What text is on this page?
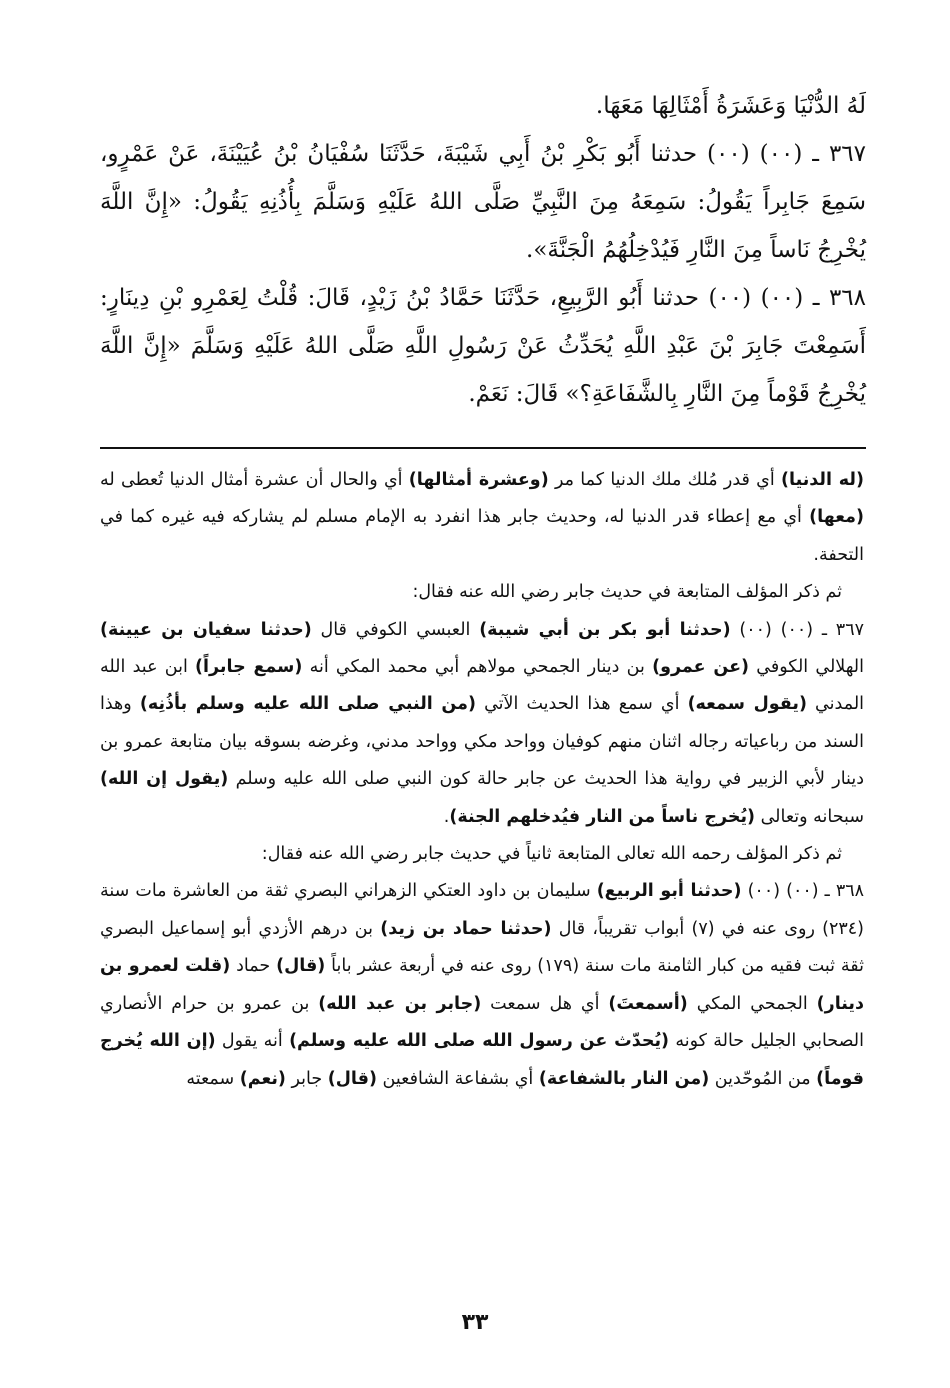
لَهُ الدُّنْيَا وَعَشَرَةُ أَمْثَالِهَا مَعَهَا.

٣٦٧ ـ (٠٠) (٠٠) حدثنا أَبُو بَكْرِ بْنُ أَبِي شَيْبَةَ، حَدَّثَنَا سُفْيَانُ بْنُ عُيَيْنَةَ، عَنْ عَمْرٍو، سَمِعَ جَابِراً يَقُولُ: سَمِعَهُ مِنَ النَّبِيِّ صَلَّى اللهُ عَلَيْهِ وَسَلَّمَ بِأُذُنِهِ يَقُولُ: «إِنَّ اللَّهَ يُخْرِجُ نَاساً مِنَ النَّارِ فَيُدْخِلُهُمُ الْجَنَّةَ».

٣٦٨ ـ (٠٠) (٠٠) حدثنا أَبُو الرَّبِيعِ، حَدَّثَنَا حَمَّادُ بْنُ زَيْدٍ، قَالَ: قُلْتُ لِعَمْرِو بْنِ دِينَارٍ: أَسَمِعْتَ جَابِرَ بْنَ عَبْدِ اللَّهِ يُحَدِّثُ عَنْ رَسُولِ اللَّهِ صَلَّى اللهُ عَلَيْهِ وَسَلَّمَ «إِنَّ اللَّهَ يُخْرِجُ قَوْماً مِنَ النَّارِ بِالشَّفَاعَةِ؟» قَالَ: نَعَمْ.

(له الدنيا) أي قدر مُلك ملك الدنيا كما مر (وعشرة أمثالها) أي والحال أن عشرة أمثال الدنيا تُعطى له (معها) أي مع إعطاء قدر الدنيا له، وحديث جابر هذا انفرد به الإمام مسلم لم يشاركه فيه غيره كما في التحفة.

ثم ذكر المؤلف المتابعة في حديث جابر رضي الله عنه فقال:

٣٦٧ ـ (٠٠) (٠٠) (حدثنا أبو بكر بن أبي شيبة) العبسي الكوفي قال (حدثنا سفيان بن عيينة) الهلالي الكوفي (عن عمرو) بن دينار الجمحي مولاهم أبي محمد المكي أنه (سمع جابراً) ابن عبد الله المدني (يقول سمعه) أي سمع هذا الحديث الآتي (من النبي صلى الله عليه وسلم بأذُنِه) وهذا السند من رباعياته رجاله اثنان منهم كوفيان وواحد مكي وواحد مدني، وغرضه بسوقه بيان متابعة عمرو بن دينار لأبي الزبير في رواية هذا الحديث عن جابر حالة كون النبي صلى الله عليه وسلم (يقول إن الله) سبحانه وتعالى (يُخرج ناساً من النار فيُدخلهم الجنة).

ثم ذكر المؤلف رحمه الله تعالى المتابعة ثانياً في حديث جابر رضي الله عنه فقال:

٣٦٨ ـ (٠٠) (٠٠) (حدثنا أبو الربيع) سليمان بن داود العتكي الزهراني البصري ثقة من العاشرة مات سنة (٢٣٤) روى عنه في (٧) أبواب تقريباً، قال (حدثنا حماد بن زيد) بن درهم الأزدي أبو إسماعيل البصري ثقة ثبت فقيه من كبار الثامنة مات سنة (١٧٩) روى عنه في أربعة عشر باباً (قال) حماد (قلت لعمرو بن دينار) الجمحي المكي (أسمعتَ) أي هل سمعت (جابر بن عبد الله) بن عمرو بن حرام الأنصاري الصحابي الجليل حالة كونه (يُحدّث عن رسول الله صلى الله عليه وسلم) أنه يقول (إن الله يُخرج قوماً) من المُوحّدين (من النار بالشفاعة) أي بشفاعة الشافعين (قال) جابر (نعم) سمعته

٣٣
